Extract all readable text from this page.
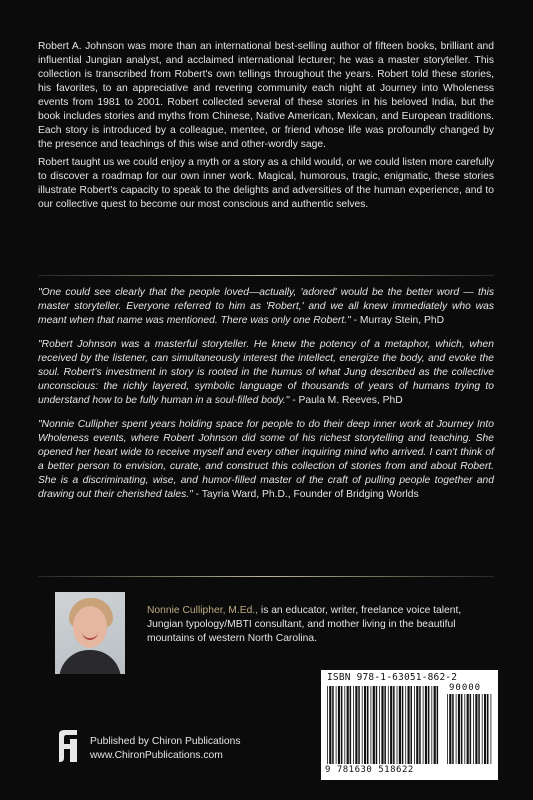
Robert A. Johnson was more than an international best-selling author of fifteen books, brilliant and influential Jungian analyst, and acclaimed international lecturer; he was a master storyteller. This collection is transcribed from Robert's own tellings throughout the years. Robert told these stories, his favorites, to an appreciative and revering community each night at Journey into Wholeness events from 1981 to 2001. Robert collected several of these stories in his beloved India, but the book includes stories and myths from Chinese, Native American, Mexican, and European traditions. Each story is introduced by a colleague, mentee, or friend whose life was profoundly changed by the presence and teachings of this wise and other-wordly sage.

Robert taught us we could enjoy a myth or a story as a child would, or we could listen more carefully to discover a roadmap for our own inner work. Magical, humorous, tragic, enigmatic, these stories illustrate Robert's capacity to speak to the delights and adversities of the human experience, and to our collective quest to become our most conscious and authentic selves.

"One could see clearly that the people loved—actually, 'adored' would be the better word — this master storyteller. Everyone referred to him as 'Robert,' and we all knew immediately who was meant when that name was mentioned. There was only one Robert." - Murray Stein, PhD

"Robert Johnson was a masterful storyteller. He knew the potency of a metaphor, which, when received by the listener, can simultaneously interest the intellect, energize the body, and evoke the soul. Robert's investment in story is rooted in the humus of what Jung described as the collective unconscious: the richly layered, symbolic language of thousands of years of humans trying to understand how to be fully human in a soul-filled body." - Paula M. Reeves, PhD

"Nonnie Cullipher spent years holding space for people to do their deep inner work at Journey Into Wholeness events, where Robert Johnson did some of his richest storytelling and teaching. She opened her heart wide to receive myself and every other inquiring mind who arrived. I can't think of a better person to envision, curate, and construct this collection of stories from and about Robert. She is a discriminating, wise, and humor-filled master of the craft of pulling people together and drawing out their cherished tales." - Tayria Ward, Ph.D., Founder of Bridging Worlds

Nonnie Cullipher, M.Ed., is an educator, writer, freelance voice talent, Jungian typology/MBTI consultant, and mother living in the beautiful mountains of western North Carolina.

ISBN 978-1-63051-862-2
90000
9 781630 518622
Published by Chiron Publications
www.ChironPublications.com
